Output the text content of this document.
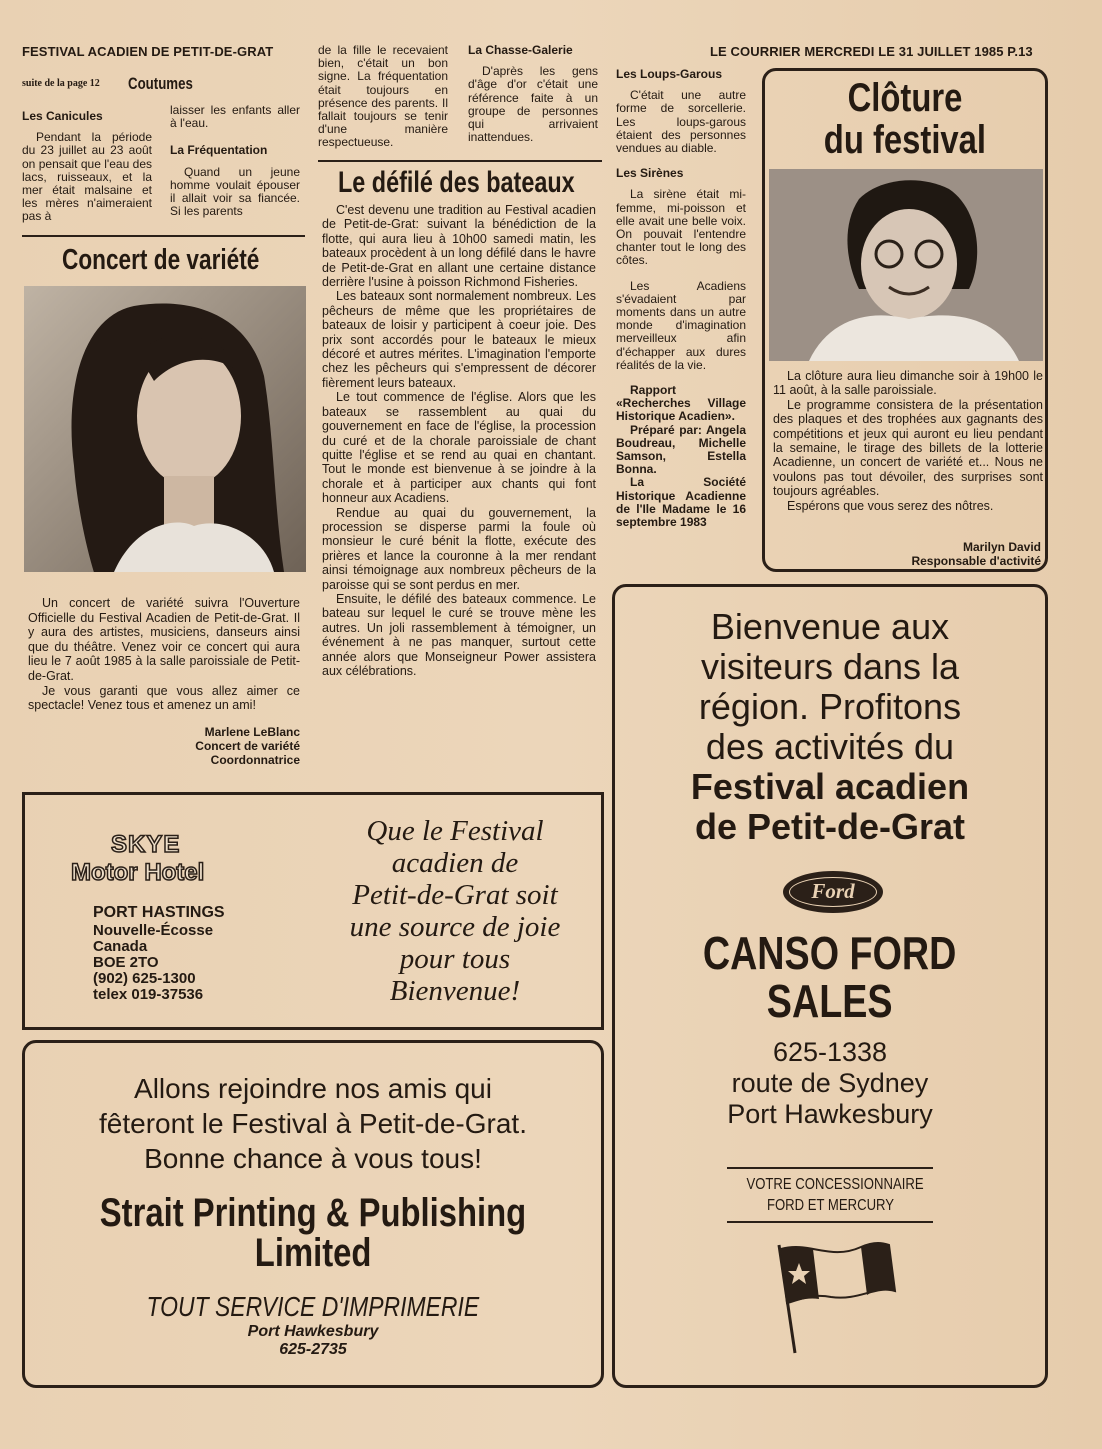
FESTIVAL ACADIEN DE PETIT-DE-GRAT	LE COURRIER MERCREDI LE 31 JUILLET 1985 P.13
suite de la page 12 Coutumes
Les Canicules

Pendant la période du 23 juillet au 23 août on pensait que l'eau des lacs, ruisseaux, et la mer était malsaine et les mères n'aimeraient pas à

laisser les enfants aller à l'eau.

La Fréquentation

Quand un jeune homme voulait épouser il allait voir sa fiancée. Si les parents

de la fille le recevaient bien, c'était un bon signe. La fréquentation était toujours en présence des parents. Il fallait toujours se tenir d'une manière respectueuse.

La Chasse-Galerie

D'après les gens d'âge d'or c'était une référence faite à un groupe de personnes qui arrivaient inattendues.

Les Loups-Garous

C'était une autre forme de sorcellerie. Les loups-garous étaient des personnes vendues au diable.

Les Sirènes

La sirène était mi-femme, mi-poisson et elle avait une belle voix. On pouvait l'entendre chanter tout le long des côtes.

Les Acadiens s'évadaient par moments dans un autre monde d'imagination merveilleux afin d'échapper aux dures réalités de la vie.

Rapport «Recherches Village Historique Acadien».

Préparé par: Angela Boudreau, Michelle Samson, Estella Bonna.

La Société Historique Acadienne de l'Ile Madame le 16 septembre 1983

Concert de variété

Un concert de variété suivra l'Ouverture Officielle du Festival Acadien de Petit-de-Grat. Il y aura des artistes, musiciens, danseurs ainsi que du théâtre. Venez voir ce concert qui aura lieu le 7 août 1985 à la salle paroissiale de Petit-de-Grat.

Je vous garanti que vous allez aimer ce spectacle! Venez tous et amenez un ami!

Marlene LeBlanc
Concert de variété
Coordonnatrice
Le défilé des bateaux

C'est devenu une tradition au Festival acadien de Petit-de-Grat: suivant la bénédiction de la flotte, qui aura lieu à 10h00 samedi matin, les bateaux procèdent à un long défilé dans le havre de Petit-de-Grat en allant une certaine distance derrière l'usine à poisson Richmond Fisheries.

Les bateaux sont normalement nombreux. Les pêcheurs de même que les propriétaires de bateaux de loisir y participent à coeur joie. Des prix sont accordés pour le bateaux le mieux décoré et autres mérites. L'imagination l'emporte chez les pêcheurs qui s'empressent de décorer fièrement leurs bateaux.

Le tout commence de l'église. Alors que les bateaux se rassemblent au quai du gouvernement en face de l'église, la procession du curé et de la chorale paroissiale de chant quitte l'église et se rend au quai en chantant. Tout le monde est bienvenue à se joindre à la chorale et à participer aux chants qui font honneur aux Acadiens.

Rendue au quai du gouvernement, la procession se disperse parmi la foule où monsieur le curé bénit la flotte, exécute des prières et lance la couronne à la mer rendant ainsi témoignage aux nombreux pêcheurs de la paroisse qui se sont perdus en mer.

Ensuite, le défilé des bateaux commence. Le bateau sur lequel le curé se trouve mène les autres. Un joli rassemblement à témoigner, un événement à ne pas manquer, surtout cette année alors que Monseigneur Power assistera aux célébrations.

Clôture
du festival

La clôture aura lieu dimanche soir à 19h00 le 11 août, à la salle paroissiale.

Le programme consistera de la présentation des plaques et des trophées aux gagnants des compétitions et jeux qui auront eu lieu pendant la semaine, le tirage des billets de la lotterie Acadienne, un concert de variété et... Nous ne voulons pas tout dévoiler, des surprises sont toujours agréables.

Espérons que vous serez des nôtres.

Marilyn David
Responsable d'activité
SKYE
Motor Hotel
PORT HASTINGS
Nouvelle-Écosse
Canada
BOE 2TO
(902) 625-1300
telex 019-37536
Que le Festival
acadien de
Petit-de-Grat soit
une source de joie
pour tous
Bienvenue!
Allons rejoindre nos amis qui
fêteront le Festival à Petit-de-Grat.
Bonne chance à vous tous!
Strait Printing & Publishing
Limited
TOUT SERVICE D'IMPRIMERIE
Port Hawkesbury
625-2735
Bienvenue aux
visiteurs dans la
région. Profitons
des activités du
Festival acadien
de Petit-de-Grat
Ford
CANSO FORD
SALES
625-1338
route de Sydney
Port Hawkesbury
VOTRE CONCESSIONNAIRE
FORD ET MERCURY
